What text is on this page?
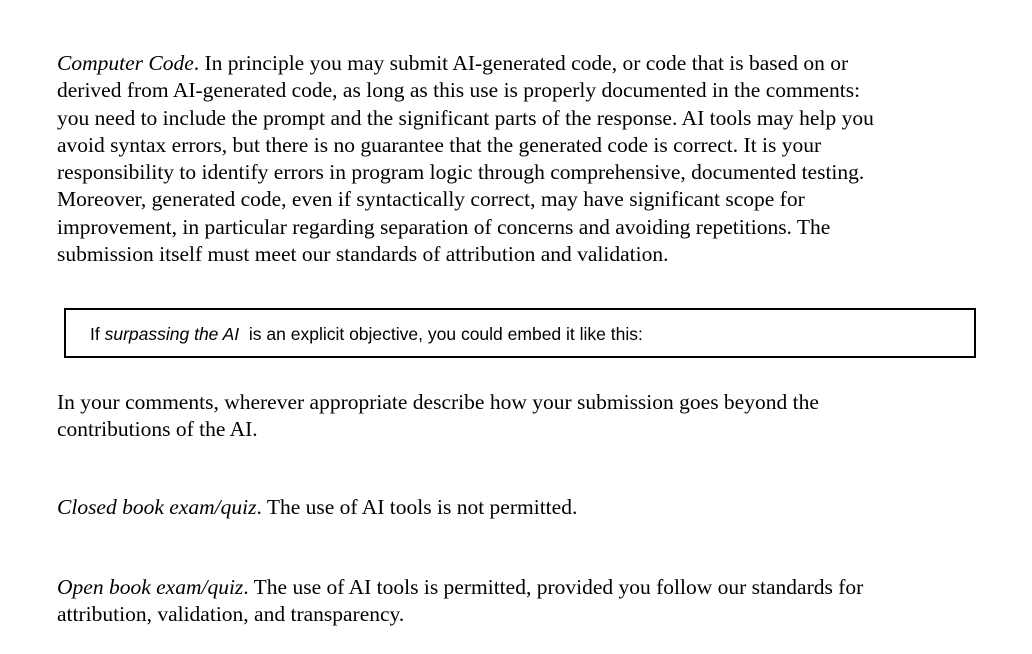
Computer Code. In principle you may submit AI-generated code, or code that is based on or
derived from AI-generated code, as long as this use is properly documented in the comments:
you need to include the prompt and the significant parts of the response. AI tools may help you
avoid syntax errors, but there is no guarantee that the generated code is correct. It is your
responsibility to identify errors in program logic through comprehensive, documented testing.
Moreover, generated code, even if syntactically correct, may have significant scope for
improvement, in particular regarding separation of concerns and avoiding repetitions. The
submission itself must meet our standards of attribution and validation.
If surpassing the AI  is an explicit objective, you could embed it like this:
In your comments, wherever appropriate describe how your submission goes beyond the
contributions of the AI.
Closed book exam/quiz. The use of AI tools is not permitted.
Open book exam/quiz. The use of AI tools is permitted, provided you follow our standards for
attribution, validation, and transparency.
